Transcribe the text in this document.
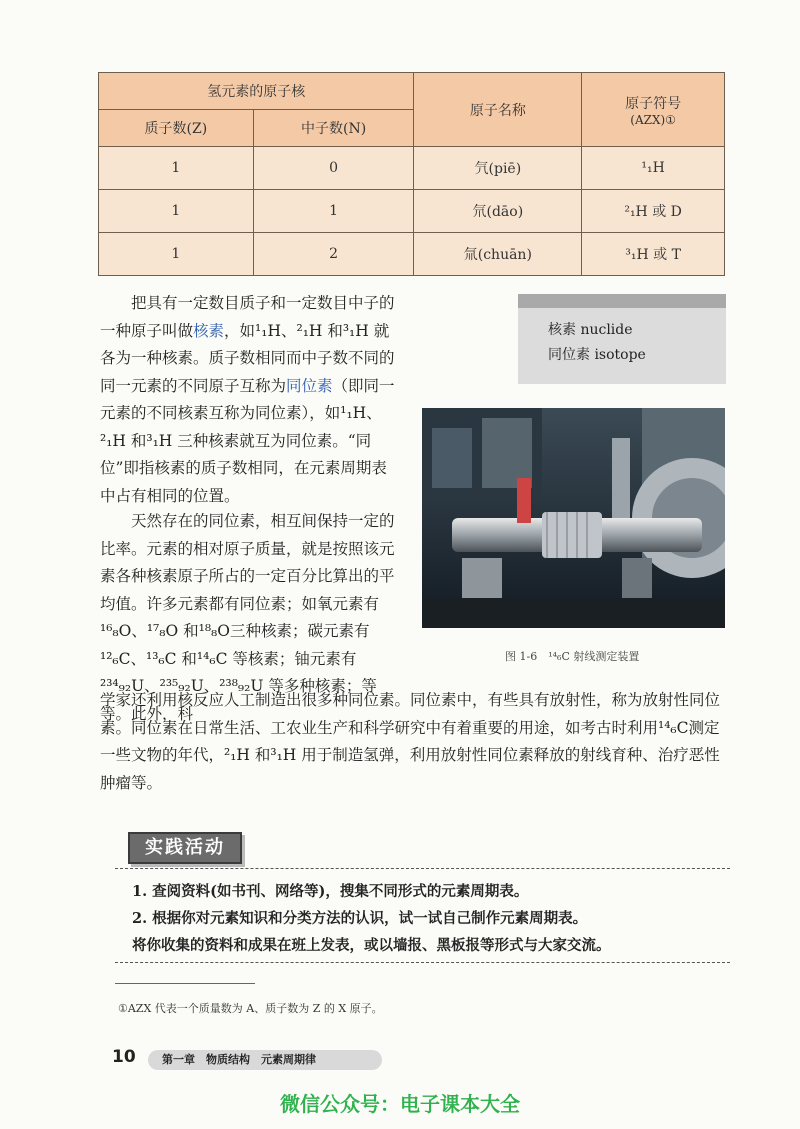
氢元素的原子核		原子名称	原子符号
(AZX)①

质子数(Z)	中子数(N)		
1	0	氕(piē)	¹₁H
1	1	氘(dāo)	²₁H 或 D
1	2	氚(chuān)	³₁H 或 T

把具有一定数目质子和一定数目中子的一种原子叫做核素，如¹₁H、²₁H 和³₁H 就各为一种核素。质子数相同而中子数不同的同一元素的不同原子互称为同位素（即同一元素的不同核素互称为同位素），如¹₁H、²₁H 和³₁H 三种核素就互为同位素。“同位”即指核素的质子数相同，在元素周期表中占有相同的位置。

天然存在的同位素，相互间保持一定的比率。元素的相对原子质量，就是按照该元素各种核素原子所占的一定百分比算出的平均值。许多元素都有同位素；如氧元素有¹⁶₈O、¹⁷₈O 和¹⁸₈O三种核素；碳元素有¹²₆C、¹³₆C 和¹⁴₆C 等核素；铀元素有²³⁴₉₂U、²³⁵₉₂U、²³⁸₉₂U 等多种核素；等等。此外，科

学家还利用核反应人工制造出很多种同位素。同位素中，有些具有放射性，称为放射性同位素。同位素在日常生活、工农业生产和科学研究中有着重要的用途，如考古时利用¹⁴₆C测定一些文物的年代，²₁H 和³₁H 用于制造氢弹，利用放射性同位素释放的射线育种、治疗恶性肿瘤等。

核素 nuclide
同位素 isotope
图 1-6　¹⁴₆C 射线测定装置
实践活动
1. 查阅资料(如书刊、网络等)，搜集不同形式的元素周期表。
2. 根据你对元素知识和分类方法的认识，试一试自己制作元素周期表。
将你收集的资料和成果在班上发表，或以墙报、黑板报等形式与大家交流。
①AZX 代表一个质量数为 A、质子数为 Z 的 X 原子。
10	第一章　物质结构　元素周期律
微信公众号：电子课本大全
